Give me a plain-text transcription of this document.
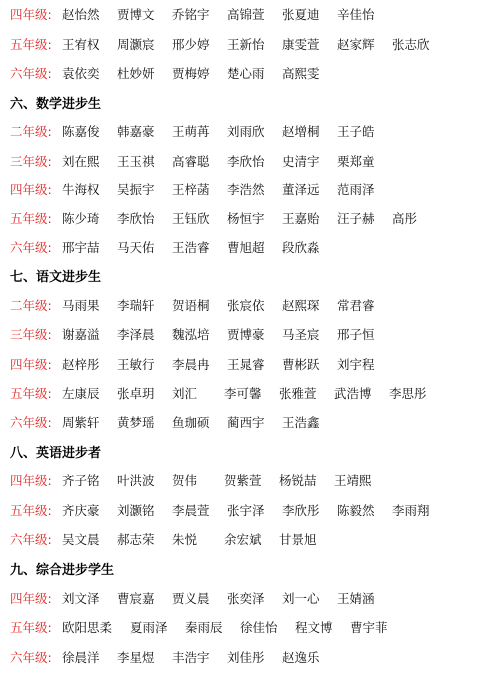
四年级: 赵怡然 贾博文 乔铭宇 高锦萱 张夏迪 辛佳怡
五年级: 王宥权 周灏宸 邢少婷 王新怡 康雯萱 赵家辉 张志欣
六年级: 袁依奕 杜妙妍 贾梅婷 楚心雨 高熙雯
六、数学进步生
二年级: 陈嘉俊 韩嘉豪 王萌苒 刘雨欣 赵增桐 王子皓
三年级: 刘在熙 王玉祺 高睿聪 李欣怡 史清宇 栗郑童
四年级: 牛海权 吴振宇 王梓菡 李浩然 董泽远 范雨泽
五年级: 陈少琦 李欣怡 王钰欣 杨恒宇 王嘉贻 汪子赫 高彤
六年级: 邢宇喆 马天佑 王浩睿 曹旭超 段欣淼
七、语文进步生
二年级: 马雨果 李瑞轩 贺语桐 张宸依 赵熙琛 常君睿
三年级: 谢嘉溢 李泽晨 魏泓培 贾博豪 马圣宸 邢子恒
四年级: 赵梓彤 王敏行 李晨冉 王晁睿 曹彬跃 刘宇程
五年级: 左康辰 张卓玥 刘汇 李可馨 张雅萱 武浩博 李思彤
六年级: 周紫轩 黄梦瑶 鱼珈硕 蔺西宇 王浩鑫
八、英语进步者
四年级: 齐子铭 叶洪波 贺伟 贺紫萱 杨锐喆 王靖熙
五年级: 齐庆豪 刘灏铭 李晨萱 张宇泽 李欣彤 陈毅然 李雨翔
六年级: 吴文晨 郝志荣 朱悦 余宏斌 甘景旭
九、综合进步学生
四年级: 刘文泽 曹宸嘉 贾义晨 张奕泽 刘一心 王婧涵
五年级: 欧阳思柔 夏雨泽 秦雨辰 徐佳怡 程文博 曹宇菲
六年级: 徐晨洋 李星煜 丰浩宇 刘佳彤 赵逸乐
